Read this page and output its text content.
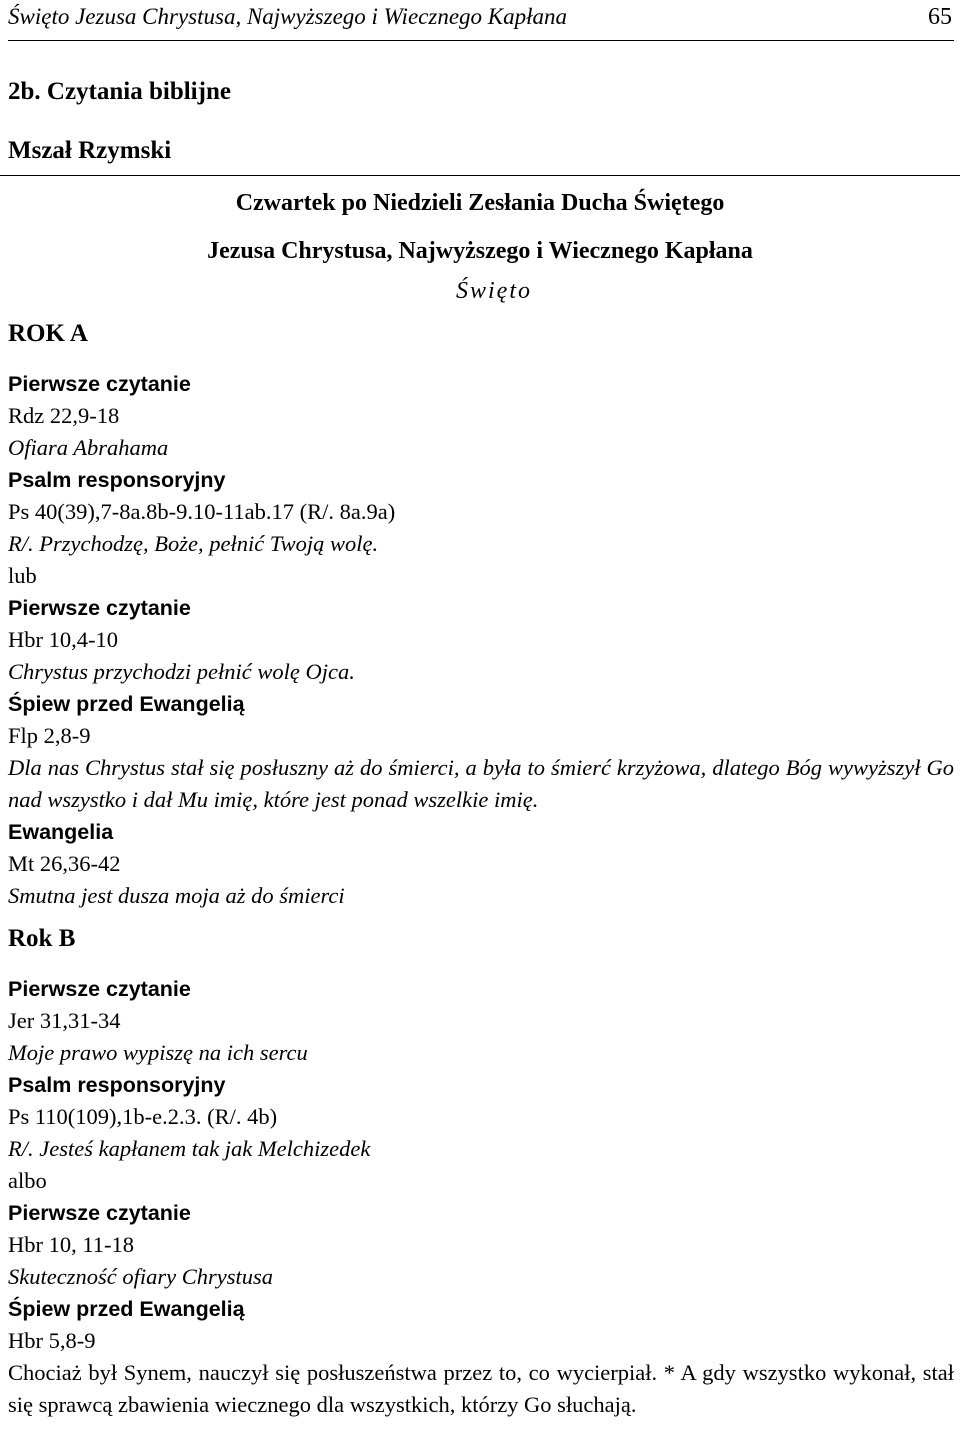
Święto Jezusa Chrystusa, Najwyższego i Wiecznego Kapłana	65
2b. Czytania biblijne
Mszał Rzymski
Czwartek po Niedzieli Zesłania Ducha Świętego
Jezusa Chrystusa, Najwyższego i Wiecznego Kapłana
Święto
ROK A
Pierwsze czytanie
Rdz 22,9-18
Ofiara Abrahama
Psalm responsoryjny
Ps 40(39),7-8a.8b-9.10-11ab.17 (R/. 8a.9a)
R/. Przychodzę, Boże, pełnić Twoją wolę.
lub
Pierwsze czytanie
Hbr 10,4-10
Chrystus przychodzi pełnić wolę Ojca.
Śpiew przed Ewangelią
Flp 2,8-9
Dla nas Chrystus stał się posłuszny aż do śmierci, a była to śmierć krzyżowa, dlatego Bóg wywyższył Go nad wszystko i dał Mu imię, które jest ponad wszelkie imię.
Ewangelia
Mt 26,36-42
Smutna jest dusza moja aż do śmierci
Rok B
Pierwsze czytanie
Jer 31,31-34
Moje prawo wypiszę na ich sercu
Psalm responsoryjny
Ps 110(109),1b-e.2.3. (R/. 4b)
R/. Jesteś kapłanem tak jak Melchizedek
albo
Pierwsze czytanie
Hbr 10, 11-18
Skuteczność ofiary Chrystusa
Śpiew przed Ewangelią
Hbr 5,8-9
Chociaż był Synem, nauczył się posłuszeństwa przez to, co wycierpiał. * A gdy wszystko wykonał, stał się sprawcą zbawienia wiecznego dla wszystkich, którzy Go słuchają.
